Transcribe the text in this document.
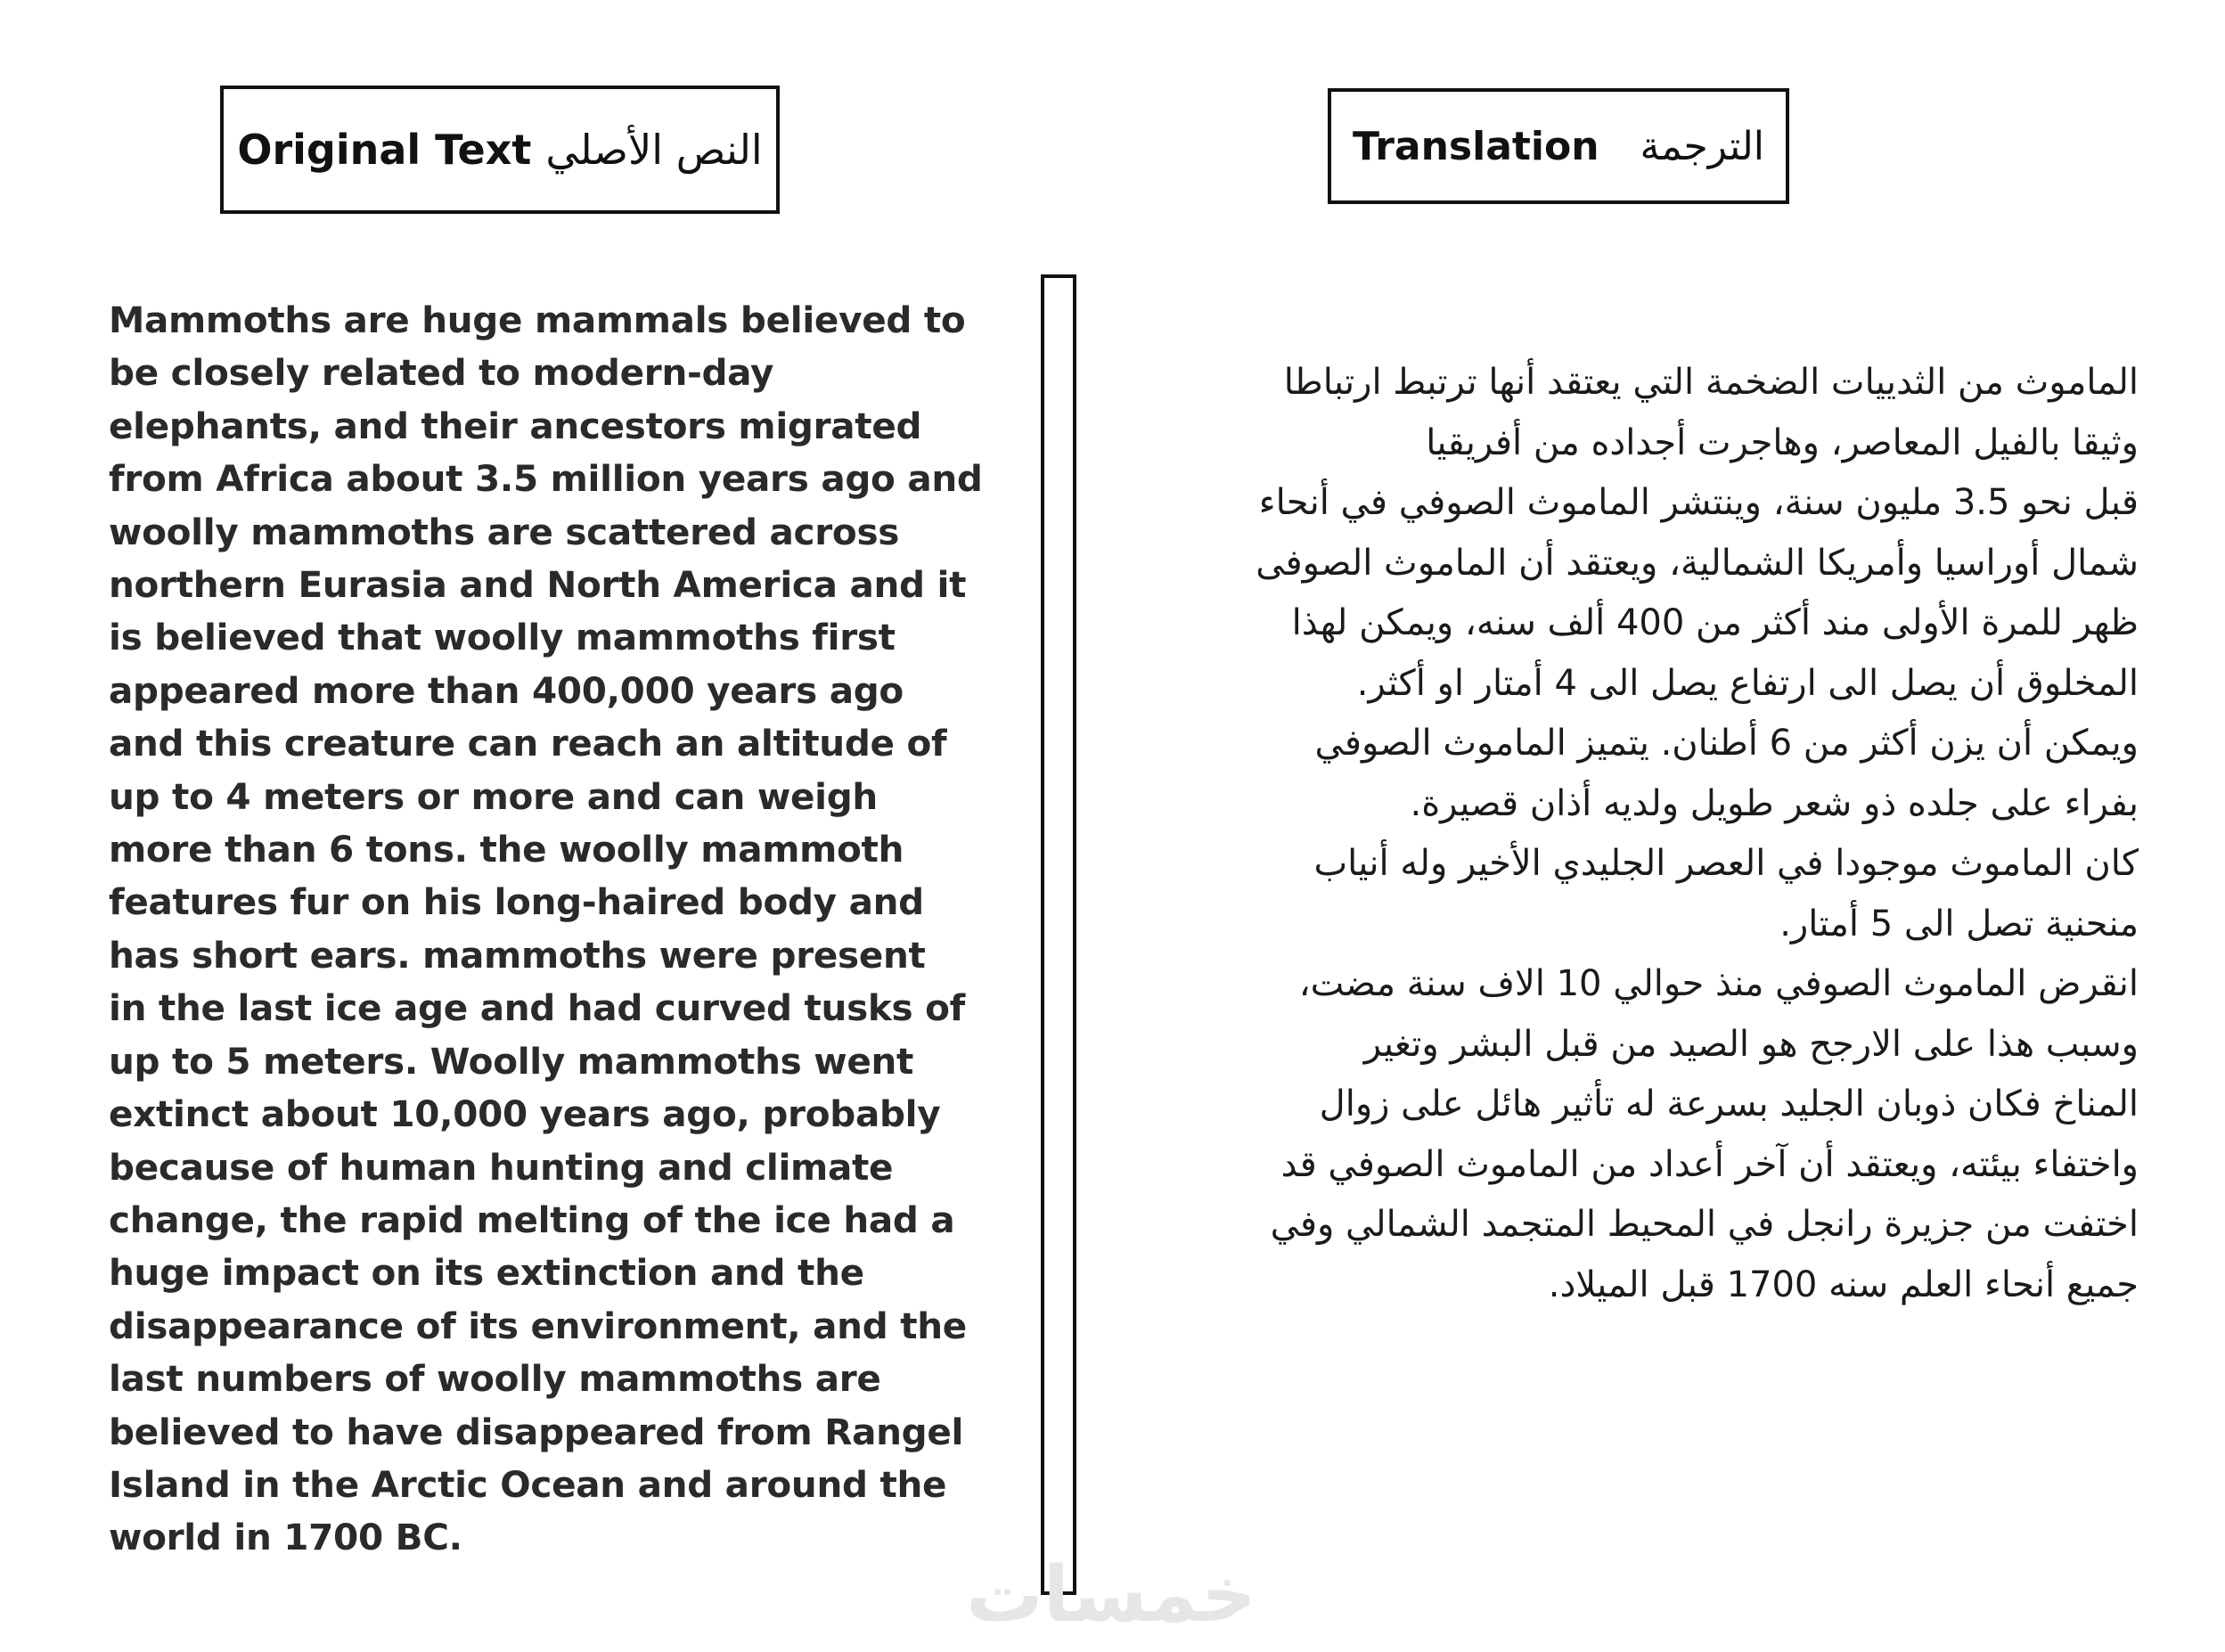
Original Text النص الأصلي	Translation الترجمة
Mammoths are huge mammals believed to
be closely related to modern-day
elephants, and their ancestors migrated
from Africa about 3.5 million years ago and
woolly mammoths are scattered across
northern Eurasia and North America and it
is believed that woolly mammoths first
appeared more than 400,000 years ago
and this creature can reach an altitude of
up to 4 meters or more and can weigh
more than 6 tons. the woolly mammoth
features fur on his long-haired body and
has short ears. mammoths were present
in the last ice age and had curved tusks of
up to 5 meters. Woolly mammoths went
extinct about 10,000 years ago, probably
because of human hunting and climate
change, the rapid melting of the ice had a
huge impact on its extinction and the
disappearance of its environment, and the
last numbers of woolly mammoths are
believed to have disappeared from Rangel
Island in the Arctic Ocean and around the
world in 1700 BC.
الماموث من الثدييات الضخمة التي يعتقد أنها ترتبط ارتباطا
وثيقا بالفيل المعاصر، وهاجرت أجداده من أفريقيا
قبل نحو 3.5 مليون سنة، وينتشر الماموث الصوفي في أنحاء
شمال أوراسيا وأمريكا الشمالية، ويعتقد أن الماموث الصوفى
ظهر للمرة الأولى مند أكثر من 400 ألف سنه، ويمكن لهذا
المخلوق أن يصل الى ارتفاع يصل الى 4 أمتار او أكثر.
ويمكن أن يزن أكثر من 6 أطنان. يتميز الماموث الصوفي
بفراء على جلده ذو شعر طويل ولديه أذان قصيرة.
كان الماموث موجودا في العصر الجليدي الأخير وله أنياب
منحنية تصل الى 5 أمتار.
انقرض الماموث الصوفي منذ حوالي 10 الاف سنة مضت،
وسبب هذا على الارجح هو الصيد من قبل البشر وتغير
المناخ فكان ذوبان الجليد بسرعة له تأثير هائل على زوال
واختفاء بيئته، ويعتقد أن آخر أعداد من الماموث الصوفي قد
اختفت من جزيرة رانجل في المحيط المتجمد الشمالي وفي
جميع أنحاء العلم سنه 1700 قبل الميلاد.
خمسات
